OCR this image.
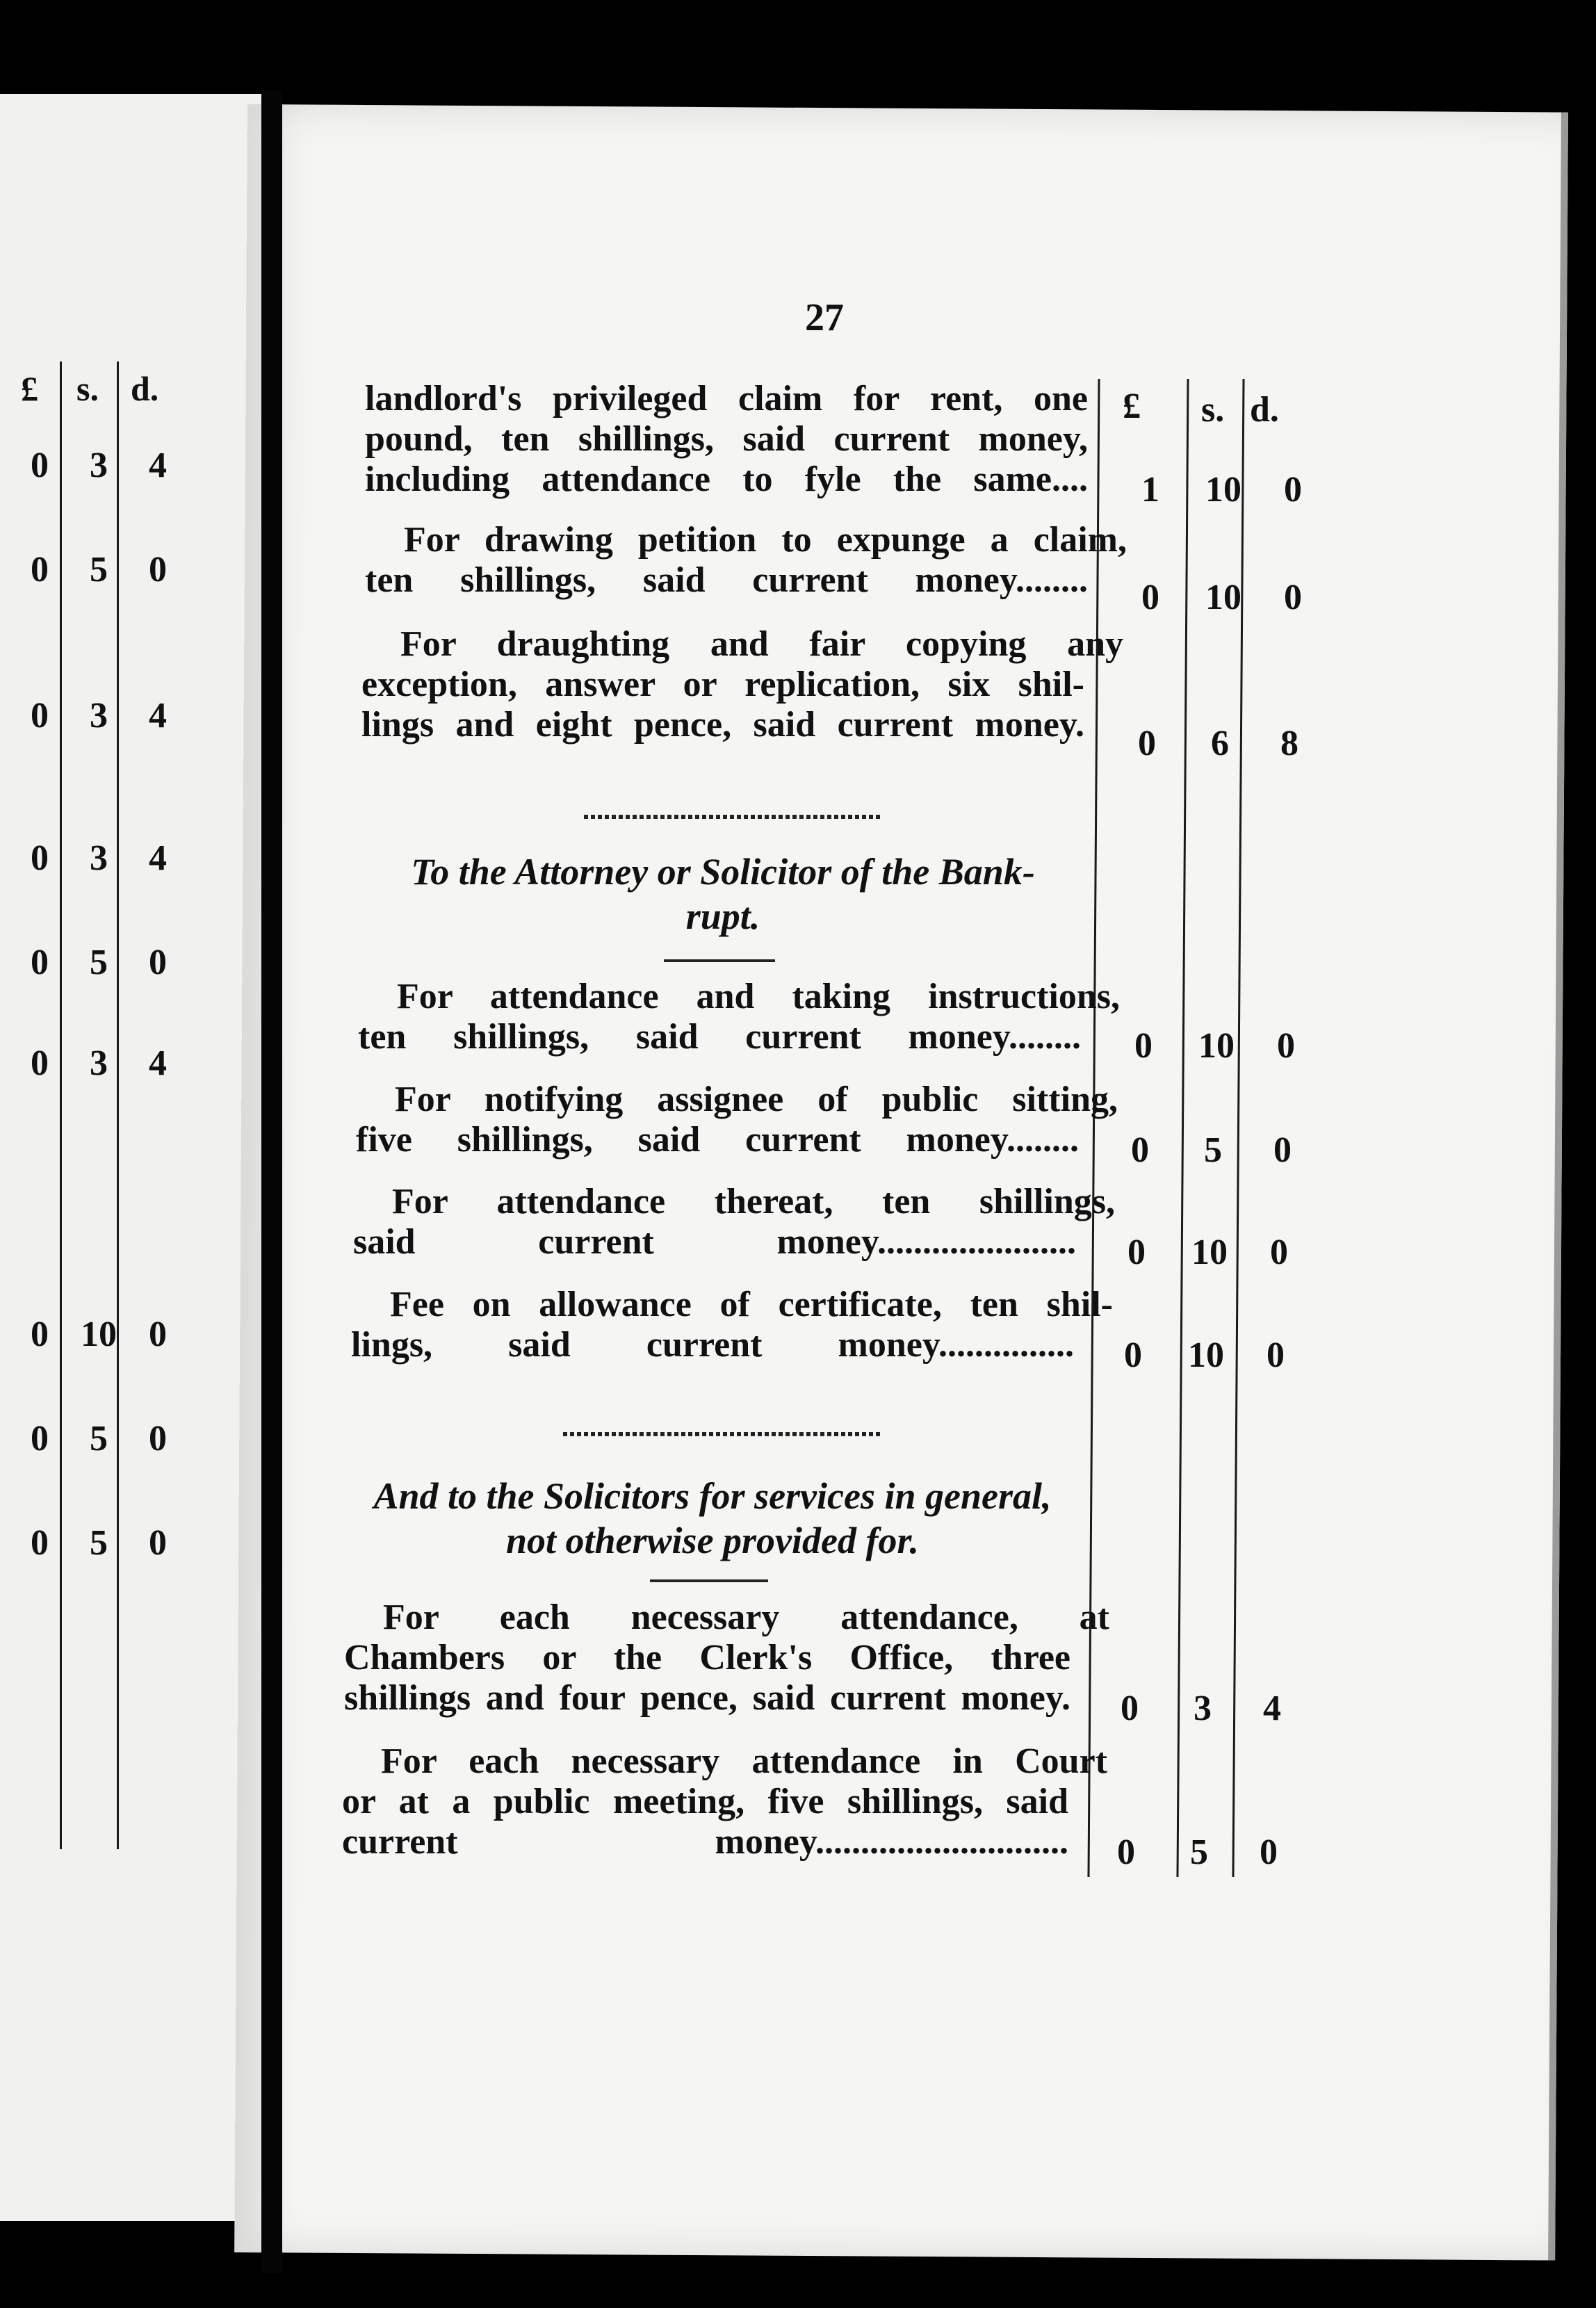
£ s. d.
0	3	4
0	5	0
0	3	4
0	3	4
0	5	0
0	3	4
0 10 0
0	5	0
0	5	0
27
£ s. d.
landlord's privileged claim for rent, one
pound, ten shillings, said current money,
including attendance to fyle the same....	1	10	0
For drawing petition to expunge a claim,
ten shillings, said current money........	0	10	0
For draughting and fair copying any
exception, answer or replication, six shil-
lings and eight pence, said current money.	0	6	8
To the Attorney or Solicitor of the Bank-
rupt.
For attendance and taking instructions,
ten shillings, said current money........	0	10	0
For notifying assignee of public sitting,
five shillings, said current money........	0	5	0
For attendance thereat, ten shillings,
said current money......................	0	10	0
Fee on allowance of certificate, ten shil-
lings, said current money...............	0	10	0
And to the Solicitors for services in general,
not otherwise provided for.
For each necessary attendance, at
Chambers or the Clerk's Office, three
shillings and four pence, said current money.	0	3	4
For each necessary attendance in Court
or at a public meeting, five shillings, said
current money............................	0	5	0
